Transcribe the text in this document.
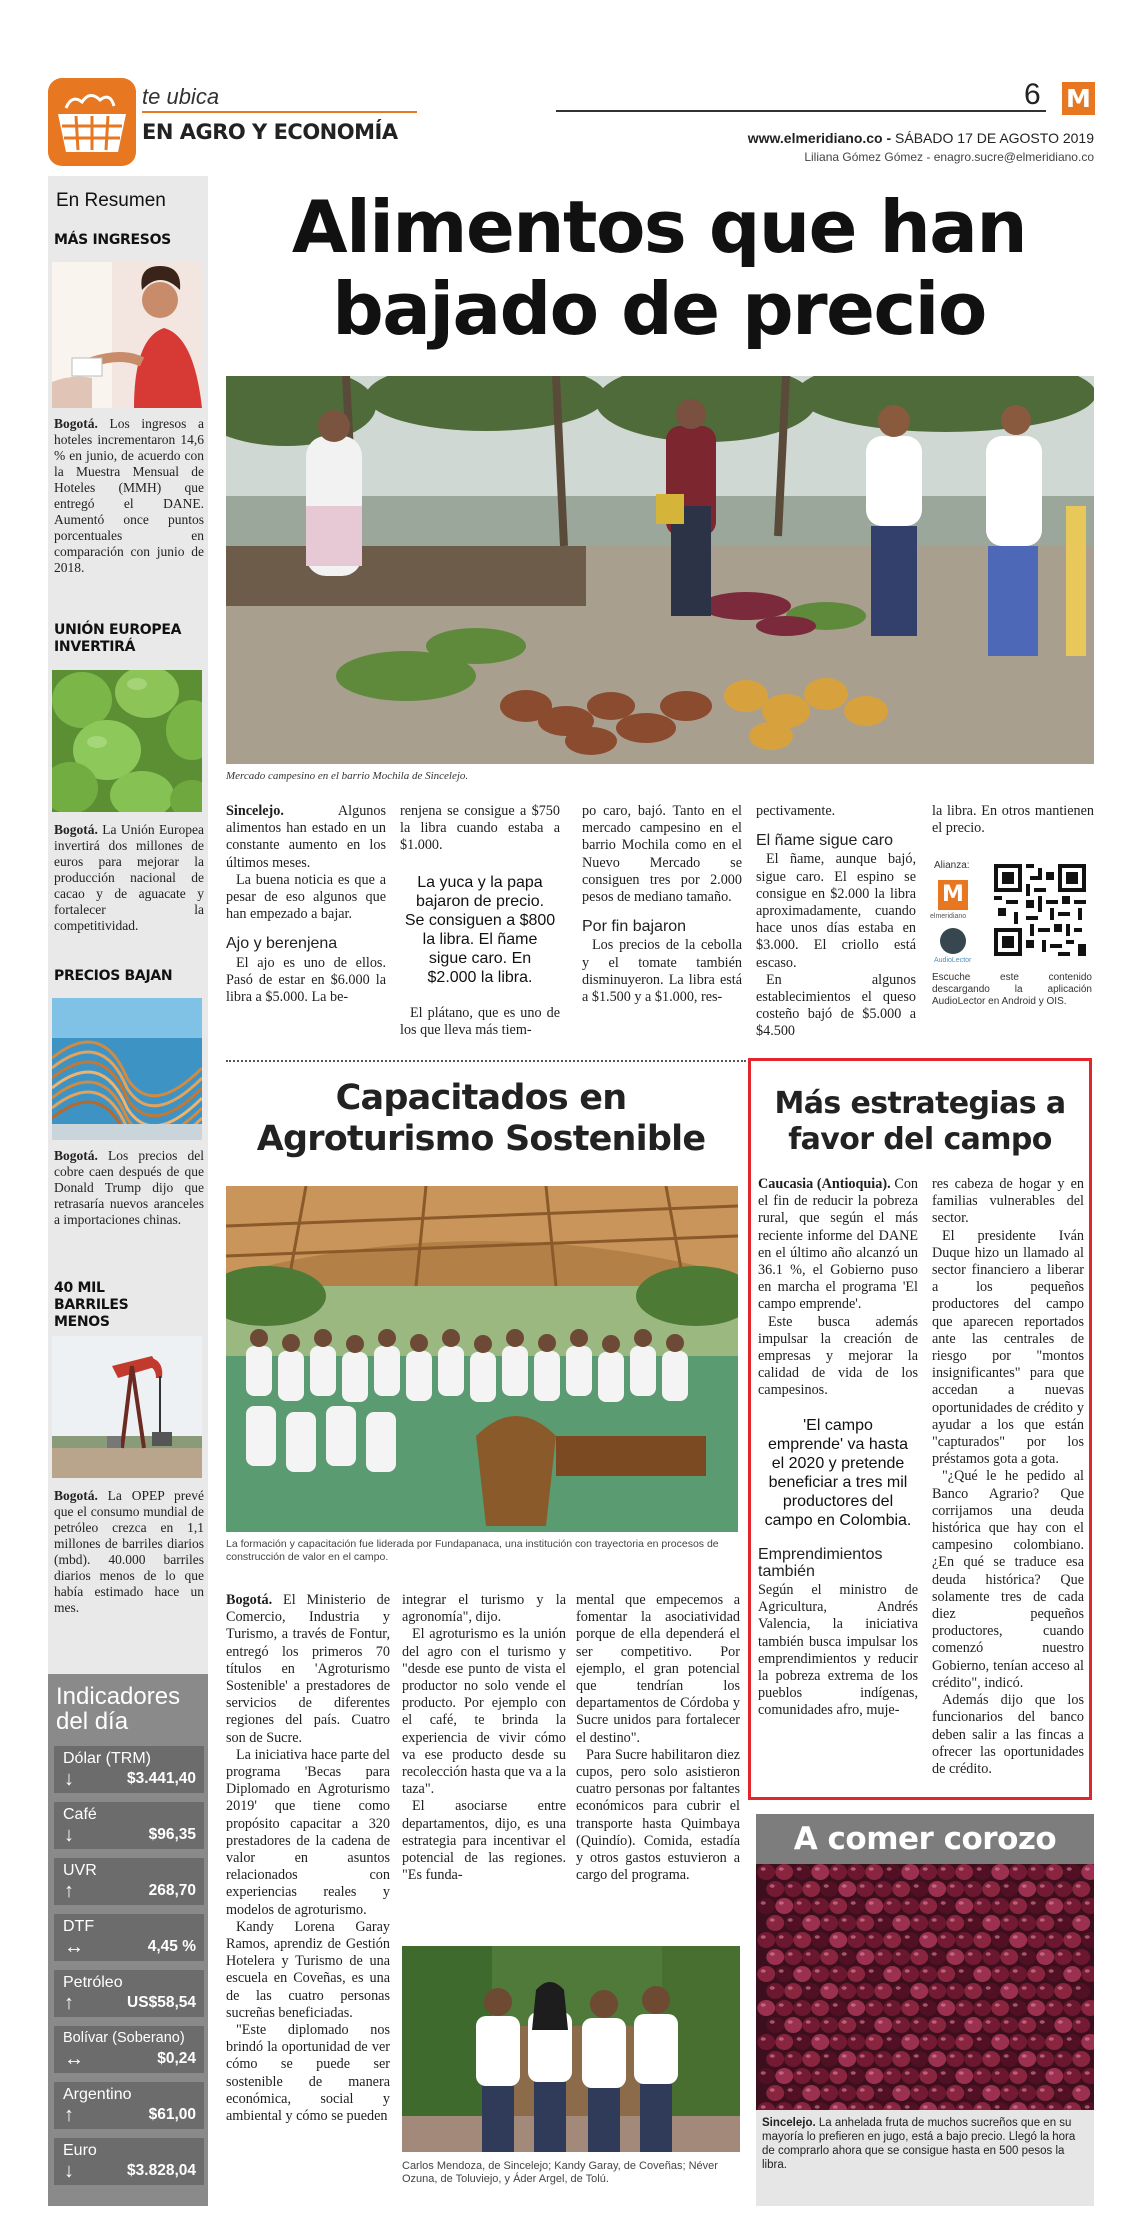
te ubica
EN AGRO Y ECONOMÍA
6 M
www.elmeridiano.co - SÁBADO 17 DE AGOSTO 2019
Liliana Gómez Gómez - enagro.sucre@elmeridiano.co
En Resumen
MÁS INGRESOS
Bogotá. Los ingresos a hoteles incrementaron 14,6 % en junio, de acuerdo con la Muestra Mensual de Hoteles (MMH) que entregó el DANE. Aumentó once puntos porcentuales en comparación con junio de 2018.
UNIÓN EUROPEA INVERTIRÁ
Bogotá. La Unión Europea invertirá dos millones de euros para mejorar la producción nacional de cacao y de aguacate y fortalecer la competitividad.
PRECIOS BAJAN
Bogotá. Los precios del cobre caen después de que Donald Trump dijo que retrasaría nuevos aranceles a importaciones chinas.
40 MIL BARRILES MENOS
Bogotá. La OPEP prevé que el consumo mundial de petróleo crezca en 1,1 millones de barriles diarios (mbd). 40.000 barriles diarios menos de lo que había estimado hace un mes.
Indicadores del día
Dólar (TRM)
↓	$3.441,40
Café
↓	$96,35
UVR
↑	268,70
DTF
↔	4,45 %
Petróleo
↑	US$58,54
Bolívar (Soberano)
↔	$0,24
Argentino
↑	$61,00
Euro
↓	$3.828,04
Alimentos que han
bajado de precio
Mercado campesino en el barrio Mochila de Sincelejo.

Sincelejo.	Algunos alimentos han estado en un constante aumento en los últimos meses.

La buena noticia es que a pesar de eso algunos que han empezado a bajar.

Ajo y berenjena

El ajo es uno de ellos. Pasó de estar en $6.000 la libra a $5.000. La be-

renjena se consigue a $750 la libra cuando estaba a $1.000.

La yuca y la papa bajaron de precio. Se consiguen a $800 la libra. El ñame sigue caro. En $2.000 la libra.

El plátano, que es uno de los que lleva más tiem-

po caro, bajó. Tanto en el mercado campesino en el barrio Mochila como en el Nuevo Mercado se consiguen tres por 2.000 pesos de mediano tamaño.

Por fin bajaron

Los precios de la cebolla y el tomate también disminuyeron. La libra está a $1.500 y a $1.000, res-

pectivamente.

El ñame sigue caro

El ñame, aunque bajó, sigue caro. El espino se consigue en $2.000 la libra aproximadamente, cuando hace unos días estaba en $3.000. El criollo está escaso.

En algunos establecimientos el queso costeño bajó de $5.000 a $4.500

la libra. En otros mantienen el precio.

Alianza:
M
elmeridiano
AudioLector
Escuche este contenido descargando la aplicación AudioLector en Android y OIS.
Capacitados en
Agroturismo Sostenible
La formación y capacitación fue liderada por Fundapanaca, una institución con trayectoria en procesos de construcción de valor en el campo.

Bogotá. El Ministerio de Comercio, Industria y Turismo, a través de Fontur, entregó los primeros 70 títulos en 'Agroturismo Sostenible' a prestadores de servicios de diferentes regiones del país. Cuatro son de Sucre.

La iniciativa hace parte del programa 'Becas para Diplomado en Agroturismo 2019' que tiene como propósito capacitar a 320 prestadores de la cadena de valor en asuntos relacionados con experiencias reales y modelos de agroturismo.

Kandy Lorena Garay Ramos, aprendiz de Gestión Hotelera y Turismo de una escuela en Coveñas, es una de las cuatro personas sucreñas beneficiadas.

"Este diplomado nos brindó la oportunidad de ver cómo se puede ser sostenible de manera económica, social y ambiental y cómo se pueden

integrar el turismo y la agronomía", dijo.

El agroturismo es la unión del agro con el turismo y "desde ese punto de vista el productor no solo vende el producto. Por ejemplo con el café, te brinda la experiencia de vivir cómo va ese producto desde su recolección hasta que va a la taza".

El asociarse entre departamentos, dijo, es una estrategia para incentivar el potencial de las regiones. "Es funda-

mental que empecemos a fomentar la asociatividad porque de ella dependerá el ser competitivo. Por ejemplo, el gran potencial que tendrían los departamentos de Córdoba y Sucre unidos para fortalecer el destino".

Para Sucre habilitaron diez cupos, pero solo asistieron cuatro personas por faltantes económicos para cubrir el transporte hasta Quimbaya (Quindío). Comida, estadía y otros gastos estuvieron a cargo del programa.

Carlos Mendoza, de Sincelejo; Kandy Garay, de Coveñas; Néver Ozuna, de Toluviejo, y Áder Argel, de Tolú.
Más estrategias a
favor del campo

Caucasia (Antioquia). Con el fin de reducir la pobreza rural, que según el más reciente informe del DANE en el último año alcanzó un 36.1 %, el Gobierno puso en marcha el programa 'El campo emprende'.

Este busca además impulsar la creación de empresas y mejorar la calidad de vida de los campesinos.

'El campo emprende' va hasta el 2020 y pretende beneficiar a tres mil productores del campo en Colombia.
Emprendimientos también

Según el ministro de Agricultura, Andrés Valencia, la iniciativa también busca impulsar los emprendimientos y reducir la pobreza extrema de los pueblos indígenas, comunidades afro, muje-

res cabeza de hogar y en familias vulnerables del sector.

El presidente Iván Duque hizo un llamado al sector financiero a liberar a los pequeños productores del campo que aparecen reportados ante las centrales de riesgo por "montos insignificantes" para que accedan a nuevas oportunidades de crédito y ayudar a los que están "capturados" por los préstamos gota a gota.

"¿Qué le he pedido al Banco Agrario? Que corrijamos una deuda histórica que hay con el campesino colombiano. ¿En qué se traduce esa deuda histórica? Que solamente tres de cada diez pequeños productores, cuando comenzó nuestro Gobierno, tenían acceso al crédito", indicó.

Además dijo que los funcionarios del banco deben salir a las fincas a ofrecer las oportunidades de crédito.

A comer corozo
Sincelejo. La anhelada fruta de muchos sucreños que en su mayoría lo prefieren en jugo, está a bajo precio. Llegó la hora de comprarlo ahora que se consigue hasta en 500 pesos la libra.
